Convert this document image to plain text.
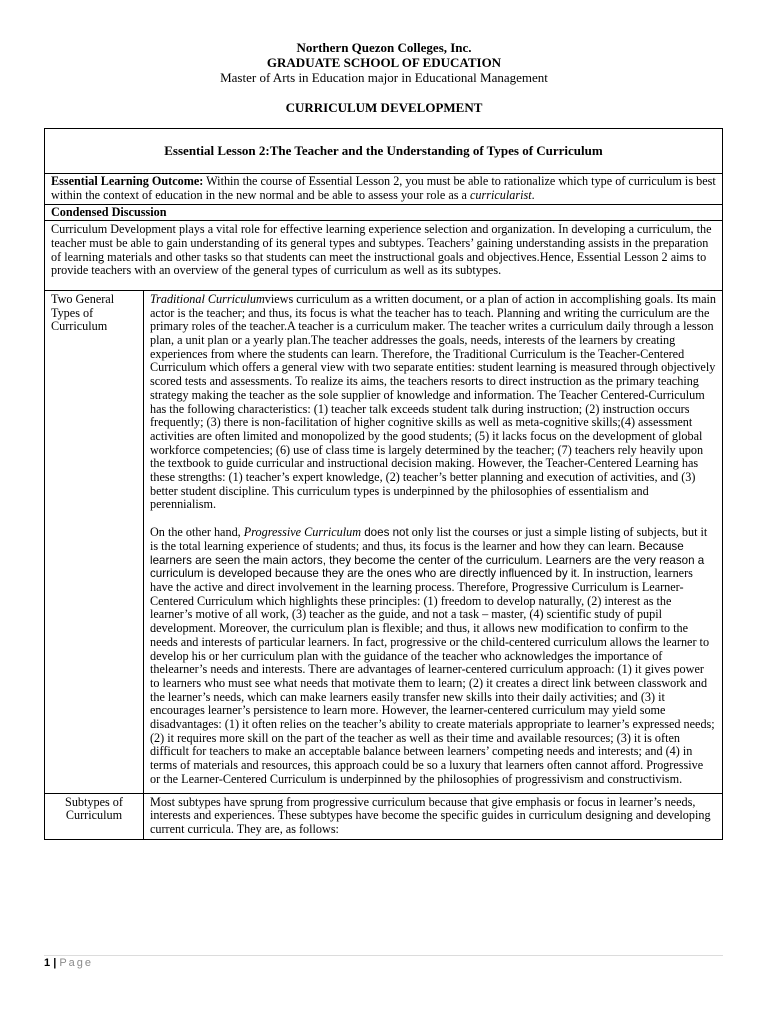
Northern Quezon Colleges, Inc.
GRADUATE SCHOOL OF EDUCATION
Master of Arts in Education major in Educational Management
CURRICULUM DEVELOPMENT
Essential Lesson 2:The Teacher and the Understanding of Types of Curriculum	
Essential Learning Outcome: Within the course of Essential Lesson 2, you must be able to rationalize which type of curriculum is best within the context of education in the new normal and be able to assess your role as a curricularist.	
Condensed Discussion	
Curriculum Development plays a vital role for effective learning experience selection and organization. In developing a curriculum, the teacher must be able to gain understanding of its general types and subtypes. Teachers’ gaining understanding assists in the preparation of learning materials and other tasks so that students can meet the instructional goals and objectives.Hence, Essential Lesson 2 aims to provide teachers with an overview of the general types of curriculum as well as its subtypes.	
Two General Types of Curriculum	Traditional Curriculumviews curriculum as a written document, or a plan of action in accomplishing goals. Its main actor is the teacher; and thus, its focus is what the teacher has to teach. Planning and writing the curriculum are the primary roles of the teacher.A teacher is a curriculum maker. The teacher writes a curriculum daily through a lesson plan, a unit plan or a yearly plan.The teacher addresses the goals, needs, interests of the learners by creating experiences from where the students can learn. Therefore, the Traditional Curriculum is the Teacher-Centered Curriculum which offers a general view with two separate entities: student learning is measured through objectively scored tests and assessments. To realize its aims, the teachers resorts to direct instruction as the primary teaching strategy making the teacher as the sole supplier of knowledge and information. The Teacher Centered-Curriculum has the following characteristics: (1) teacher talk exceeds student talk during instruction; (2) instruction occurs frequently; (3) there is non-facilitation of higher cognitive skills as well as meta-cognitive skills;(4) assessment activities are often limited and monopolized by the good students; (5) it lacks focus on the development of global workforce competencies; (6) use of class time is largely determined by the teacher; (7) teachers rely heavily upon the textbook to guide curricular and instructional decision making. However, the Teacher-Centered Learning has these strengths: (1) teacher’s expert knowledge, (2) teacher’s better planning and execution of activities, and (3) better student discipline. This curriculum types is underpinned by the philosophies of essentialism and perennialism.

On the other hand, Progressive Curriculum does not only list the courses or just a simple listing of subjects, but it is the total learning experience of students; and thus, its focus is the learner and how they can learn. Because learners are seen the main actors, they become the center of the curriculum. Learners are the very reason a curriculum is developed because they are the ones who are directly influenced by it. In instruction, learners have the active and direct involvement in the learning process. Therefore, Progressive Curriculum is Learner-Centered Curriculum which highlights these principles: (1) freedom to develop naturally, (2) interest as the learner’s motive of all work, (3) teacher as the guide, and not a task – master, (4) scientific study of pupil development. Moreover, the curriculum plan is flexible; and thus, it allows new modification to confirm to the needs and interests of particular learners. In fact, progressive or the child-centered curriculum allows the learner to develop his or her curriculum plan with the guidance of the teacher who acknowledges the importance of thelearner’s needs and interests. There are advantages of learner-centered curriculum approach: (1) it gives power to learners who must see what needs that motivate them to learn; (2) it creates a direct link between classwork and the learner’s needs, which can make learners easily transfer new skills into their daily activities; and (3) it encourages learner’s persistence to learn more. However, the learner-centered curriculum may yield some disadvantages: (1) it often relies on the teacher’s ability to create materials appropriate to learner’s expressed needs; (2) it requires more skill on the part of the teacher as well as their time and available resources; (3) it is often difficult for teachers to make an acceptable balance between learners’ competing needs and interests; and (4) in terms of materials and resources, this approach could be so a luxury that learners often cannot afford. Progressive or the Learner-Centered Curriculum is underpinned by the philosophies of progressivism and constructivism.

Subtypes of Curriculum	Most subtypes have sprung from progressive curriculum because that give emphasis or focus in learner’s needs, interests and experiences. These subtypes have become the specific guides in curriculum designing and developing current curricula. They are, as follows:
1 | Page
